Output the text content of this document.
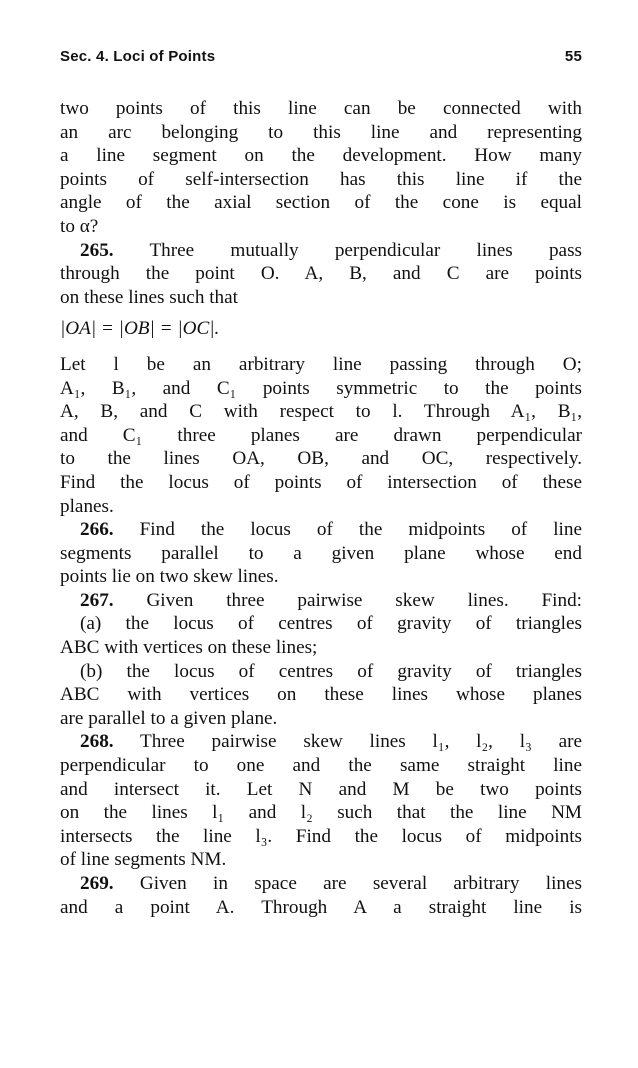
Sec. 4. Loci of Points	55
two points of this line can be connected with
an arc belonging to this line and representing
a line segment on the development. How many
points of self-intersection has this line if the
angle of the axial section of the cone is equal
to α?
265. Three mutually perpendicular lines pass
through the point O. A, B, and C are points
on these lines such that
|OA| = |OB| = |OC|.
Let l be an arbitrary line passing through O;
A₁, B₁, and C₁ points symmetric to the points
A, B, and C with respect to l. Through A₁, B₁,
and C₁ three planes are drawn perpendicular
to the lines OA, OB, and OC, respectively.
Find the locus of points of intersection of these
planes.
266. Find the locus of the midpoints of line
segments parallel to a given plane whose end
points lie on two skew lines.
267. Given three pairwise skew lines. Find:
(a) the locus of centres of gravity of triangles
ABC with vertices on these lines;
(b) the locus of centres of gravity of triangles
ABC with vertices on these lines whose planes
are parallel to a given plane.
268. Three pairwise skew lines l₁, l₂, l₃ are
perpendicular to one and the same straight line
and intersect it. Let N and M be two points
on the lines l₁ and l₂ such that the line NM
intersects the line l₃. Find the locus of midpoints
of line segments NM.
269. Given in space are several arbitrary lines
and a point A. Through A a straight line is
